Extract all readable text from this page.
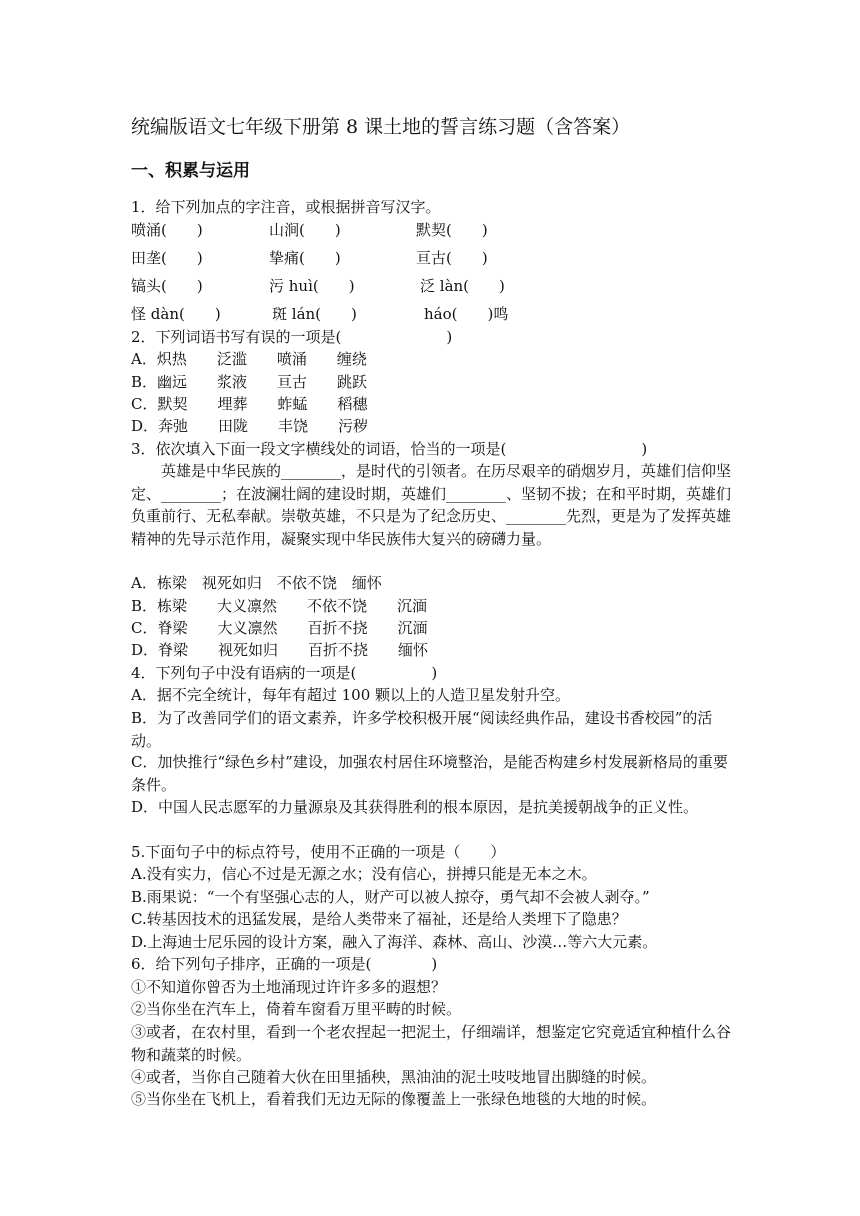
统编版语文七年级下册第 8 课土地的誓言练习题（含答案）
一、积累与运用
1．给下列加点的字注音，或根据拼音写汉字。
喷涌(　　)	山涧(　　)	默契(　　)
田垄(　　)	挚痛(　　)	亘古(　　)
镐头(　　)	污 huì(　　)	泛 làn(　　)
怪 dàn(　　)	斑 lán(　　)	háo(　　)鸣
2．下列词语书写有误的一项是(　　　　　　　)
A．炽热　　泛滥　　喷涌　　缠绕
B．幽远　　浆液　　亘古　　跳跃
C．默契　　埋葬　　蚱蜢　　稻穗
D．奔弛　　田陇　　丰饶　　污秽
3．依次填入下面一段文字横线处的词语，恰当的一项是(　　　　　　　　　)
英雄是中华民族的________，是时代的引领者。在历尽艰辛的硝烟岁月，英雄们信仰坚定、________；在波澜壮阔的建设时期，英雄们________、坚韧不拔；在和平时期，英雄们负重前行、无私奉献。崇敬英雄，不只是为了纪念历史、________先烈，更是为了发挥英雄精神的先导示范作用，凝聚实现中华民族伟大复兴的磅礴力量。
A．栋梁　视死如归　不依不饶　缅怀
B．栋梁　　大义凛然　　不依不饶　　沉湎
C．脊梁　　大义凛然　　百折不挠　　沉湎
D．脊梁　　视死如归　　百折不挠　　缅怀
4．下列句子中没有语病的一项是(　　　　　)
A．据不完全统计，每年有超过 100 颗以上的人造卫星发射升空。
B．为了改善同学们的语文素养，许多学校积极开展“阅读经典作品，建设书香校园”的活动。
C．加快推行“绿色乡村”建设，加强农村居住环境整治，是能否构建乡村发展新格局的重要条件。
D．中国人民志愿军的力量源泉及其获得胜利的根本原因，是抗美援朝战争的正义性。
5.下面句子中的标点符号，使用不正确的一项是（　　）
A.没有实力，信心不过是无源之水；没有信心，拼搏只能是无本之木。
B.雨果说：“一个有坚强心志的人，财产可以被人掠夺，勇气却不会被人剥夺。”
C.转基因技术的迅猛发展，是给人类带来了福祉，还是给人类埋下了隐患？
D.上海迪士尼乐园的设计方案，融入了海洋、森林、高山、沙漠…等六大元素。
6．给下列句子排序，正确的一项是(　　　　)
①不知道你曾否为土地涌现过许许多多的遐想？
②当你坐在汽车上，倚着车窗看万里平畴的时候。
③或者，在农村里，看到一个老农捏起一把泥土，仔细端详，想鉴定它究竟适宜种植什么谷物和蔬菜的时候。
④或者，当你自己随着大伙在田里插秧，黑油油的泥土吱吱地冒出脚缝的时候。
⑤当你坐在飞机上，看着我们无边无际的像覆盖上一张绿色地毯的大地的时候。
